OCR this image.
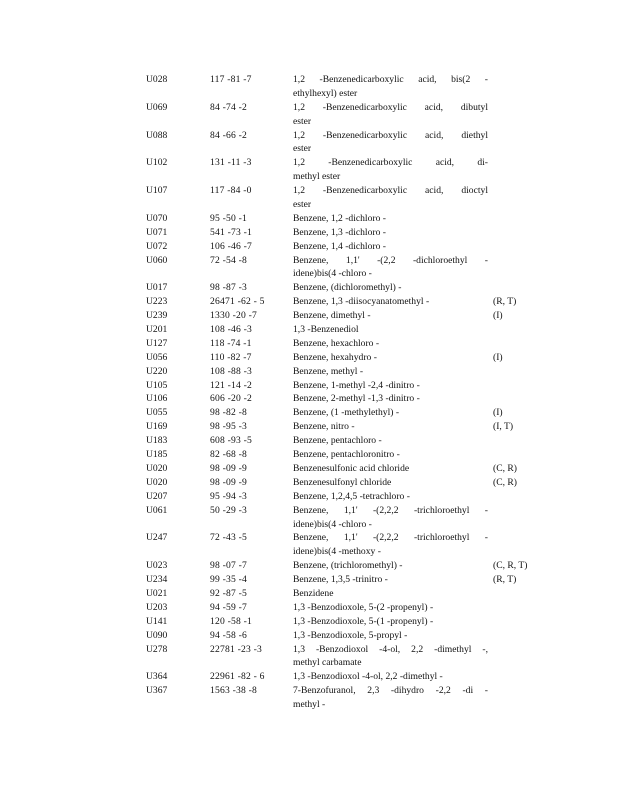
U028	117 -81 -7	1,2 -Benzenedicarboxylic acid, bis(2 -
ethylhexyl) ester
U069	84 -74 -2	1,2 -Benzenedicarboxylic acid, dibutyl
ester
U088	84 -66 -2	1,2 -Benzenedicarboxylic acid, diethyl
ester
U102	131 -11 -3	1,2 -Benzenedicarboxylic acid, di-
methyl ester
U107	117 -84 -0	1,2 -Benzenedicarboxylic acid, dioctyl
ester
U070	95 -50 -1	Benzene, 1,2 -dichloro -
U071	541 -73 -1	Benzene, 1,3 -dichloro -
U072	106 -46 -7	Benzene, 1,4 -dichloro -
U060	72 -54 -8	Benzene, 1,1' -(2,2 -dichloroethyl -
idene)bis(4 -chloro -
U017	98 -87 -3	Benzene, (dichloromethyl) -
U223	26471 -62 - 5	Benzene, 1,3 -diisocyanatomethyl -	(R, T)
U239	1330 -20 -7	Benzene, dimethyl -	(I)
U201	108 -46 -3	1,3 -Benzenediol
U127	118 -74 -1	Benzene, hexachloro -
U056	110 -82 -7	Benzene, hexahydro -	(I)
U220	108 -88 -3	Benzene, methyl -
U105	121 -14 -2	Benzene, 1-methyl -2,4 -dinitro -
U106	606 -20 -2	Benzene, 2-methyl -1,3 -dinitro -
U055	98 -82 -8	Benzene, (1 -methylethyl) -	(I)
U169	98 -95 -3	Benzene, nitro -	(I, T)
U183	608 -93 -5	Benzene, pentachloro -
U185	82 -68 -8	Benzene, pentachloronitro -
U020	98 -09 -9	Benzenesulfonic acid chloride	(C, R)
U020	98 -09 -9	Benzenesulfonyl chloride	(C, R)
U207	95 -94 -3	Benzene, 1,2,4,5 -tetrachloro -
U061	50 -29 -3	Benzene, 1,1' -(2,2,2 -trichloroethyl -
idene)bis(4 -chloro -
U247	72 -43 -5	Benzene, 1,1' -(2,2,2 -trichloroethyl -
idene)bis(4 -methoxy -
U023	98 -07 -7	Benzene, (trichloromethyl) -	(C, R, T)
U234	99 -35 -4	Benzene, 1,3,5 -trinitro -	(R, T)
U021	92 -87 -5	Benzidene
U203	94 -59 -7	1,3 -Benzodioxole, 5-(2 -propenyl) -
U141	120 -58 -1	1,3 -Benzodioxole, 5-(1 -propenyl) -
U090	94 -58 -6	1,3 -Benzodioxole, 5-propyl -
U278	22781 -23 -3	1,3 -Benzodioxol -4-ol, 2,2 -dimethyl -,
methyl carbamate
U364	22961 -82 - 6	1,3 -Benzodioxol -4-ol, 2,2 -dimethyl -
U367	1563 -38 -8	7-Benzofuranol, 2,3 -dihydro -2,2 -di -
methyl -
